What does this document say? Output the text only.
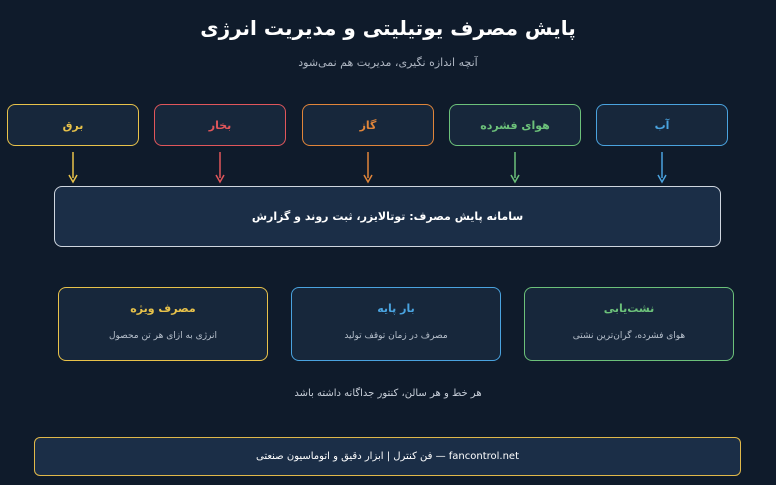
پایش مصرف یوتیلیتی و مدیریت انرژی
آنچه اندازه نگیری، مدیریت هم نمی‌شود
آب
هوای فشرده
گاز
بخار
برق
سامانه پایش مصرف: توتالایزر، ثبت روند و گزارش
نشت‌یابی
هوای فشرده، گران‌ترین نشتی
بار پایه
مصرف در زمان توقف تولید
مصرف ویژه
انرژی به ازای هر تن محصول
هر خط و هر سالن، کنتور جداگانه داشته باشد
فن کنترل | ابزار دقیق و اتوماسیون صنعتی — fancontrol.net
